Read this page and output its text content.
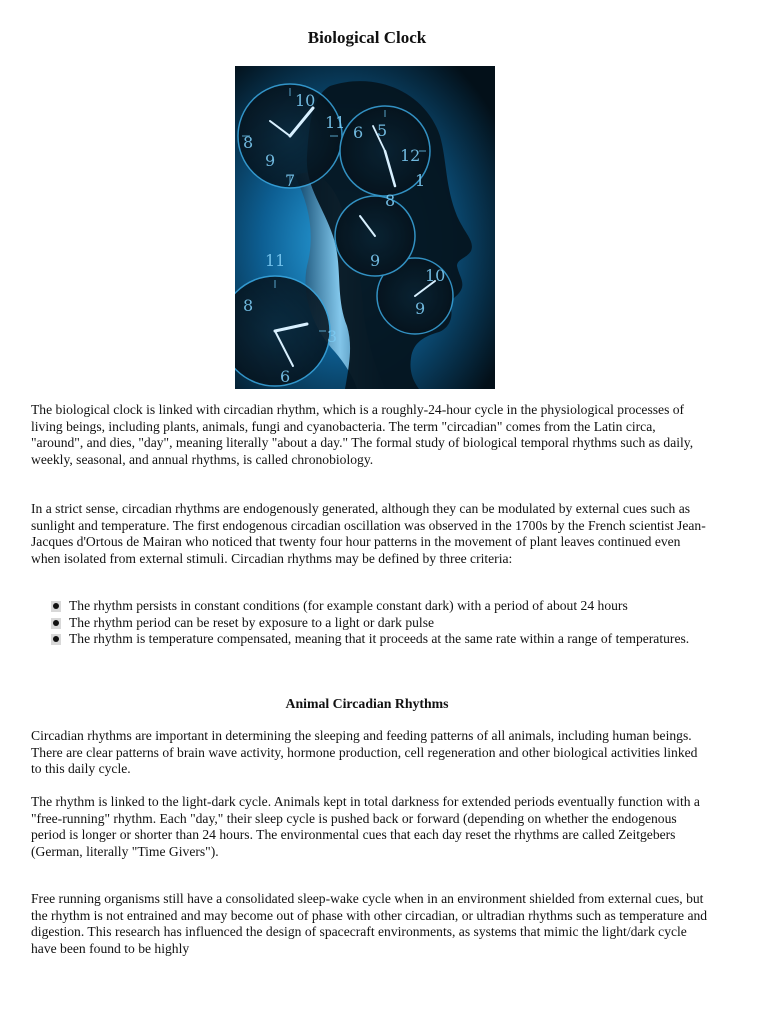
Biological Clock
10
11
6 5
8
9	12
1
7
8
9
10
11
8	9
3
6

The biological clock is linked with circadian rhythm, which is a roughly-24-hour cycle in the physiological processes of living beings, including plants, animals, fungi and cyanobacteria. The term "circadian" comes from the Latin circa, "around", and dies, "day", meaning literally "about a day." The formal study of biological temporal rhythms such as daily, weekly, seasonal, and annual rhythms, is called chronobiology.

In a strict sense, circadian rhythms are endogenously generated, although they can be modulated by external cues such as sunlight and temperature. The first endogenous circadian oscillation was observed in the 1700s by the French scientist Jean-Jacques d'Ortous de Mairan who noticed that twenty four hour patterns in the movement of plant leaves continued even when isolated from external stimuli. Circadian rhythms may be defined by three criteria:

The rhythm persists in constant conditions (for example constant dark) with a period of about 24 hours
The rhythm period can be reset by exposure to a light or dark pulse
The rhythm is temperature compensated, meaning that it proceeds at the same rate within a range of temperatures.
Animal Circadian Rhythms

Circadian rhythms are important in determining the sleeping and feeding patterns of all animals, including human beings. There are clear patterns of brain wave activity, hormone production, cell regeneration and other biological activities linked to this daily cycle.

The rhythm is linked to the light-dark cycle. Animals kept in total darkness for extended periods eventually function with a "free-running" rhythm. Each "day," their sleep cycle is pushed back or forward (depending on whether the endogenous period is longer or shorter than 24 hours. The environmental cues that each day reset the rhythms are called Zeitgebers (German, literally "Time Givers").

Free running organisms still have a consolidated sleep-wake cycle when in an environment shielded from external cues, but the rhythm is not entrained and may become out of phase with other circadian, or ultradian rhythms such as temperature and digestion. This research has influenced the design of spacecraft environments, as systems that mimic the light/dark cycle have been found to be highly
